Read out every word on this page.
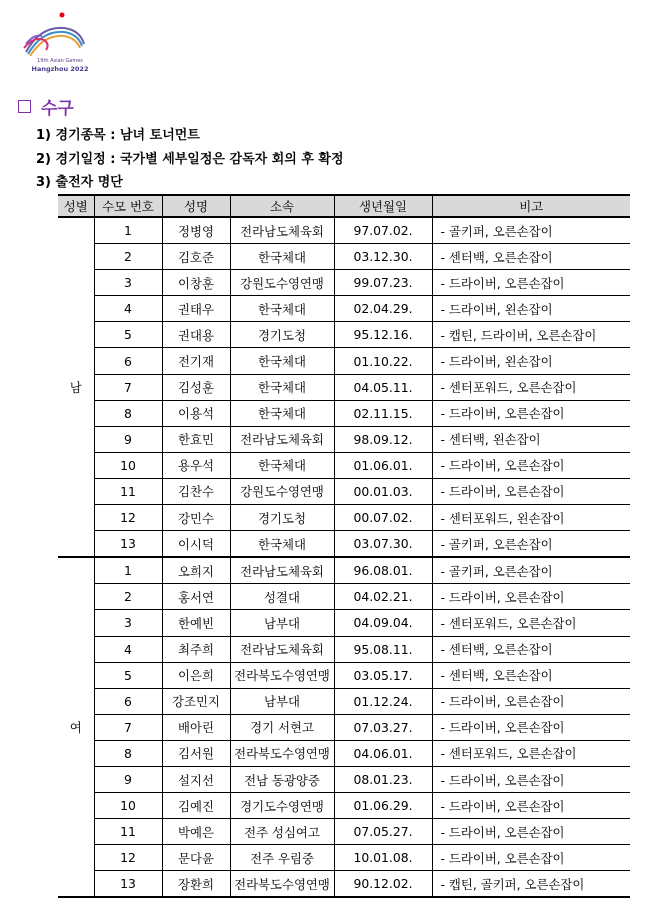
19th Asian Games
Hangzhou 2022
수구
1) 경기종목 : 남녀 토너먼트
2) 경기일정 : 국가별 세부일정은 감독자 회의 후 확정
3) 출전자 명단
성별	수모 번호	성명	소속	생년월일	비고
남	1	정병영	전라남도체육회	97.07.02.	- 골키퍼, 오른손잡이
	2	김호준	한국체대	03.12.30.	- 센터백, 오른손잡이
	3	이창훈	강원도수영연맹	99.07.23.	- 드라이버, 오른손잡이
	4	권태우	한국체대	02.04.29.	- 드라이버, 왼손잡이
	5	권대용	경기도청	95.12.16.	- 캡틴, 드라이버, 오른손잡이
	6	전기재	한국체대	01.10.22.	- 드라이버, 왼손잡이
	7	김성훈	한국체대	04.05.11.	- 센터포워드, 오른손잡이
	8	이용석	한국체대	02.11.15.	- 드라이버, 오른손잡이
	9	한효민	전라남도체육회	98.09.12.	- 센터백, 왼손잡이
	10	용우석	한국체대	01.06.01.	- 드라이버, 오른손잡이
	11	김찬수	강원도수영연맹	00.01.03.	- 드라이버, 오른손잡이
	12	강민수	경기도청	00.07.02.	- 센터포워드, 왼손잡이
	13	이시덕	한국체대	03.07.30.	- 골키퍼, 오른손잡이
여	1	오희지	전라남도체육회	96.08.01.	- 골키퍼, 오른손잡이
	2	홍서연	성결대	04.02.21.	- 드라이버, 오른손잡이
	3	한예빈	남부대	04.09.04.	- 센터포워드, 오른손잡이
	4	최주희	전라남도체육회	95.08.11.	- 센터백, 오른손잡이
	5	이은희	전라북도수영연맹	03.05.17.	- 센터백, 오른손잡이
	6	강조민지	남부대	01.12.24.	- 드라이버, 오른손잡이
	7	배아린	경기 서현고	07.03.27.	- 드라이버, 오른손잡이
	8	김서원	전라북도수영연맹	04.06.01.	- 센터포워드, 오른손잡이
	9	설지선	전남 동광양중	08.01.23.	- 드라이버, 오른손잡이
	10	김예진	경기도수영연맹	01.06.29.	- 드라이버, 오른손잡이
	11	박예은	전주 성심여고	07.05.27.	- 드라이버, 오른손잡이
	12	문다윤	전주 우림중	10.01.08.	- 드라이버, 오른손잡이
	13	장환희	전라북도수영연맹	90.12.02.	- 캡틴, 골키퍼, 오른손잡이
